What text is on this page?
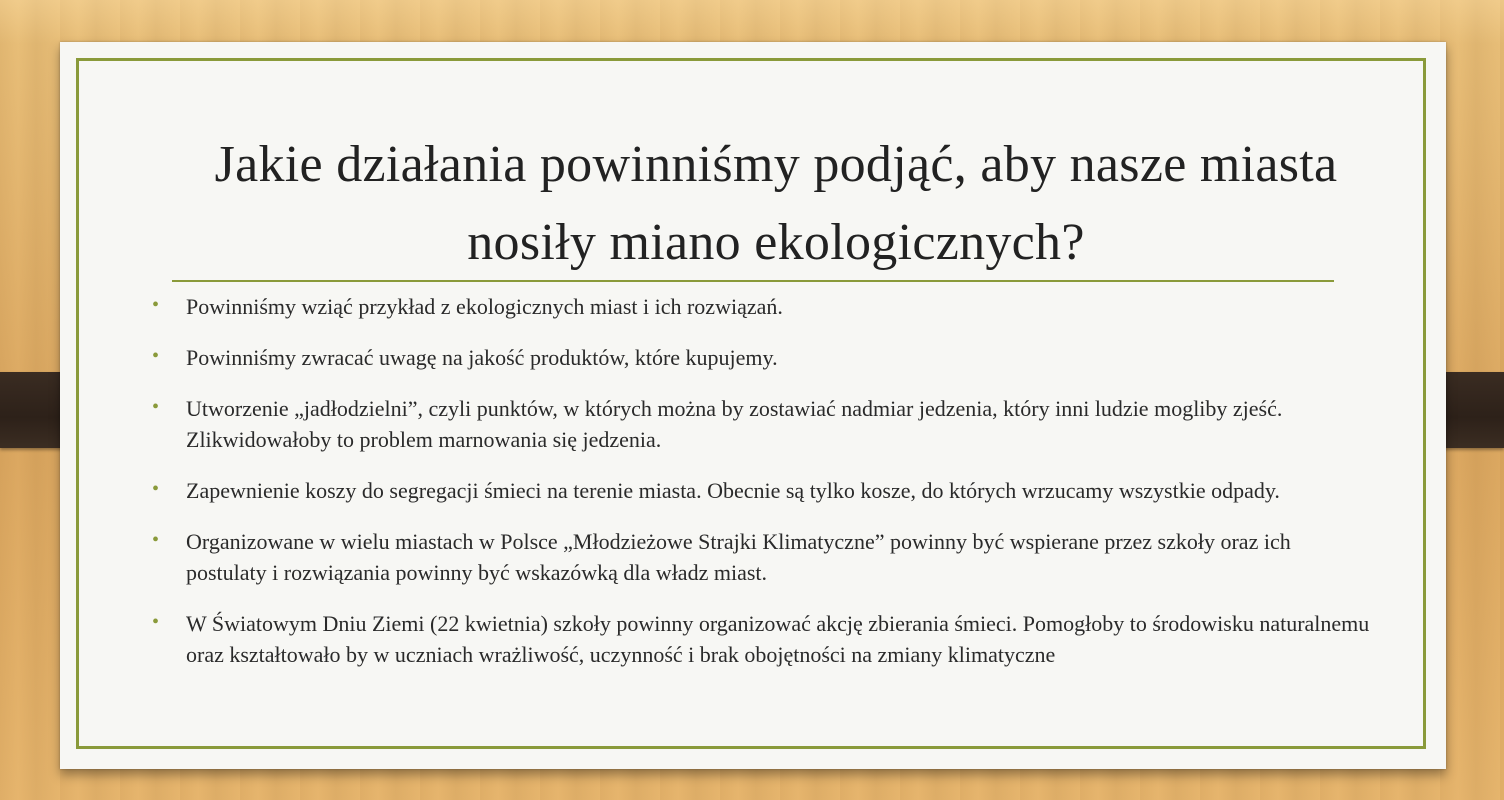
Jakie działania powinniśmy podjąć, aby nasze miasta nosiły miano ekologicznych?
• Powinniśmy wziąć przykład z ekologicznych miast i ich rozwiązań.
• Powinniśmy zwracać uwagę na jakość produktów, które kupujemy.
• Utworzenie „jadłodzielni”, czyli punktów, w których można by zostawiać nadmiar jedzenia, który inni ludzie mogliby zjeść. Zlikwidowałoby to problem marnowania się jedzenia.
• Zapewnienie koszy do segregacji śmieci na terenie miasta. Obecnie są tylko kosze, do których wrzucamy wszystkie odpady.
• Organizowane w wielu miastach w Polsce „Młodzieżowe Strajki Klimatyczne” powinny być wspierane przez szkoły oraz ich postulaty i rozwiązania powinny być wskazówką dla władz miast.
• W Światowym Dniu Ziemi (22 kwietnia) szkoły powinny organizować akcję zbierania śmieci. Pomogłoby to środowisku naturalnemu oraz kształtowało by w uczniach wrażliwość, uczynność i brak obojętności na zmiany klimatyczne
